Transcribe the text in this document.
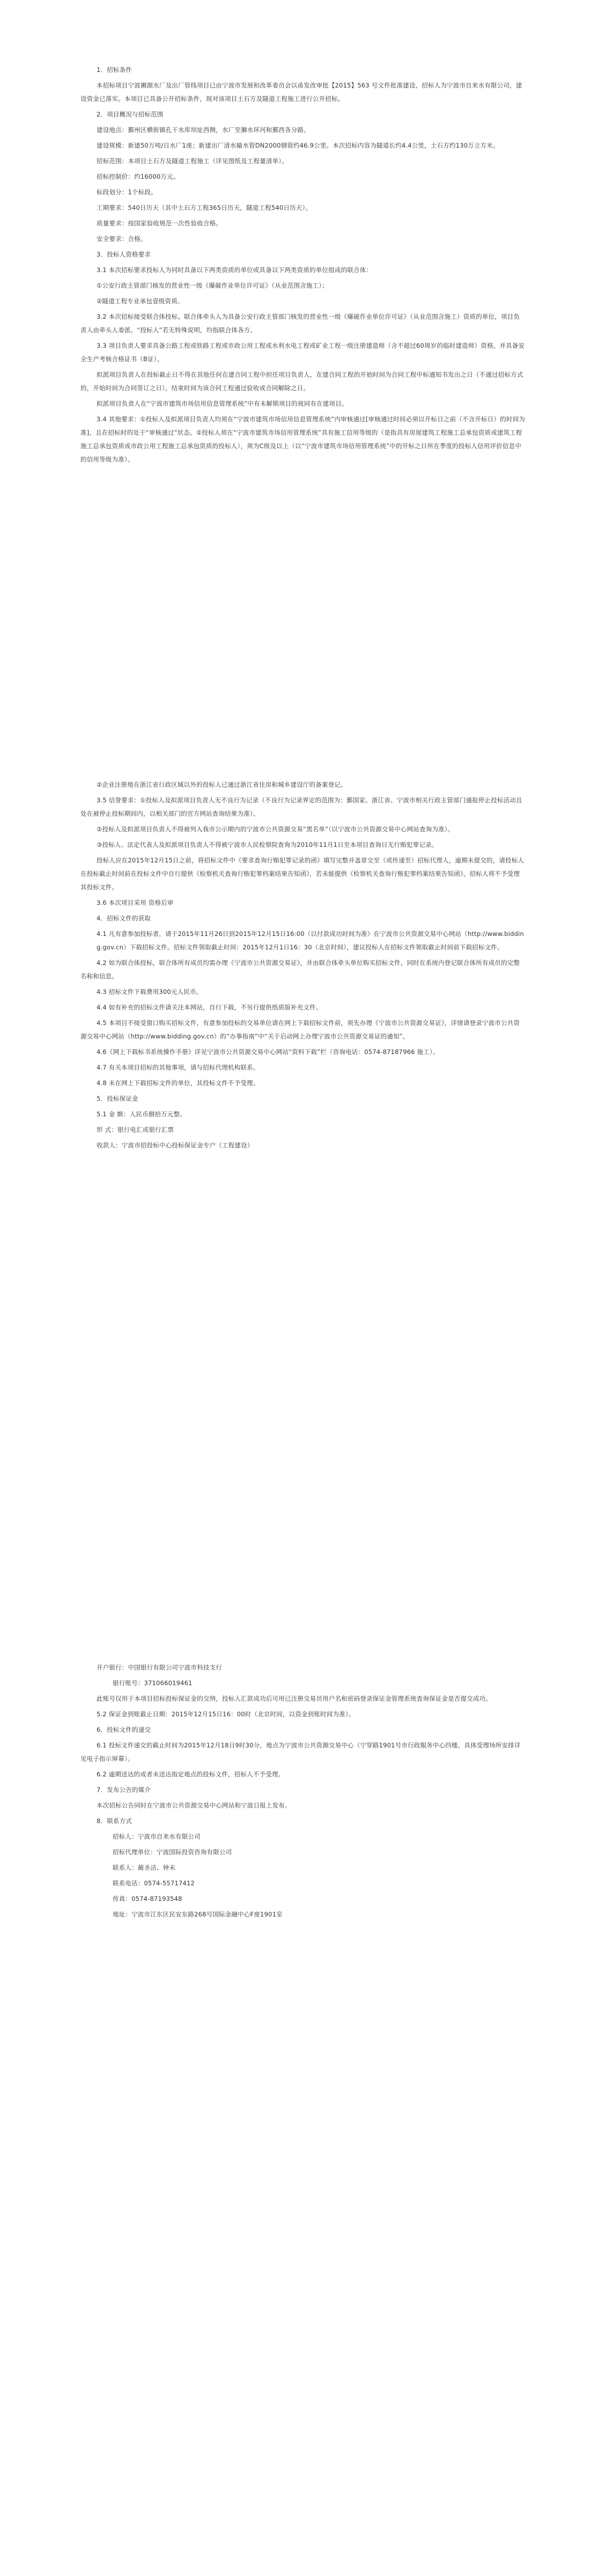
1．招标条件

本招标项目宁波狮源水厂及出厂管线项目已由宁波市发展和改革委员会以甬发改审批【2015】563 号文件批准建设，招标人为宁波市自来水有限公司，建设资金已落实。本项目已具备公开招标条件，现对该项目土石方及隧道工程施工进行公开招标。

2．项目概况与招标范围

建设地点：鄞州区横街镇孔干水库坝址西侧，水厂至狮水环河和鄞西各分路。

建设规模：新建50万吨/日水厂1座；新建出厂清水输水管DN2000钢管约46.9公里。本次招标内容为隧道长约4.4公里，土石方约130万立方米。

招标范围：本项目土石方及隧道工程施工（详见图纸及工程量清单）。

招标控制价：约16000万元。

标段划分：1个标段。

工期要求：540日历天（其中土石方工程365日历天，隧道工程540日历天）。

质量要求：按国家验收规范一次性验收合格。

安全要求：合格。

3．投标人资格要求

3.1 本次招标要求投标人为同时具备以下两类资质的单位或具备以下两类资质的单位组成的联合体：

①公安行政主管部门核发的营业性一级《爆破作业单位许可证》（从业范围含施工）；

②隧道工程专业承包壹级资质。

3.2 本次招标接受联合体投标。联合体牵头人为具备公安行政主管部门核发的营业性一级《爆破作业单位许可证》（从业范围含施工）资质的单位，项目负责人由牵头人委派。“投标人”若无特殊说明，均指联合体各方。

3.3 项目负责人要求具备公路工程或铁路工程或市政公用工程或水利水电工程或矿业工程一级注册建造师（含不超过60周岁的临时建造师）资格，并具备安全生产考核合格证书（B证）。

拟派项目负责人在投标截止日不得在其他任何在建合同工程中担任项目负责人，在建合同工程的开始时间为合同工程中标通知书发出之日（不通过招标方式的，开始时间为合同签订之日），结束时间为该合同工程通过验收或合同解除之日。

拟派项目负责人在“宁波市建筑市场信用信息管理系统”中有未解锁项目的视同有在建项目。

3.4 其他要求：①投标人及拟派项目负责人均须在“宁波市建筑市场信用信息管理系统”内审核通过[审核通过时间必须以开标日之前（不含开标日）的时间为准]，且在招标时的处于“审核通过”状态。②投标人须在“宁波市建筑市场信用管理系统”具有施工信用等级的（是指具有房屋建筑工程施工总承包资质或建筑工程施工总承包资质或市政公用工程施工总承包资质的投标人），须为C级及以上（以“宁波市建筑市场信用管理系统”中的开标之日所在季度的投标人信用评价信息中的信用等级为准）。

②企业注册地在浙江省行政区域以外的投标人已通过浙江省住房和城乡建设厅的备案登记。

3.5 信誉要求：①投标人及拟派项目负责人无不良行为记录（不良行为记录界定的范围为：鄞国家、浙江省、宁波市相关行政主管部门通报停止投标活动且处在被停止投标期间内，以相关部门的官方网站查询结果为准）。

②投标人及拟派项目负责人不得被列入我市公示期内的宁波市公共资源交易“黑名单”（以宁波市公共资源交易中心网站查询为准）。

③投标人、法定代表人及拟派项目负责人不得被宁波市人民检察院查询为2010年11月1日至本项目查询日无行贿犯罪记录。

投标人应在2015年12月15日之前，将招标文件中《要求查询行贿犯罪记录的函》填写完整并盖章交至（或传递至）招标代理人，逾期未提交的，请投标人在投标截止时间前在投标文件中自行提供《检察机关查询行贿犯罪档案结果告知函》，若未能提供《检察机关查询行贿犯罪档案结果告知函》，招标人将不予受理其投标文件。

3.6 本次项目采用 资格后审

4．招标文件的获取

4.1 凡有意参加投标者，请于2015年11月26日到2015年12月15日16:00（以付款成功时间为准）在宁波市公共资源交易中心网站（http://www.bidding.gov.cn）下载招标文件。招标文件领取截止时间：2015年12月1日16：30（北京时间），建议投标人在招标文件领取截止时间前下载招标文件。

4.2 如为联合体投标，联合体所有成员均需办理《宁波市公共资源交易证》，并由联合体牵头单位购买招标文件，同时在系统内登记联合体所有成员的完整名称和信息。

4.3 招标文件下载费用300元人民币。

4.4 如有补充的招标文件请关注本网站，自行下载，不另行提供纸质版补充文件。

4.5 本项目不接受窗口购买招标文件，有意参加投标的交易单位请在网上下载招标文件前，须先办理《宁波市公共资源交易证》，详情请登录宁波市公共资源交易中心网站（http://www.bidding.gov.cn）的“办事指南”中“关于启动网上办理宁波市公共资源交易证的通知”。

4.6《网上下载标书系统操作手册》详见宁波市公共资源交易中心网站“资料下载”栏（咨询电话：0574-87187966 施工）。

4.7 有关本项目招标的其他事项，请与招标代理机构联系。

4.8 未在网上下载招标文件的单位，其投标文件不予受理。

5．投标保证金

5.1 金 额：人民币捌拾万元整。

形 式：银行电汇或银行汇票

收款人：宁波市招投标中心投标保证金专户（工程建设）

开户银行：中国银行有限公司宁波市科技支行

银行账号：371066019461

此账号仅用于本项目招标投标保证金的交纳，投标人汇款成功后可用已注册交易员用户名和密码登录保证金管理系统查询保证金是否提交成功。

5.2 保证金到账截止日期：2015年12月15日16：00时（北京时间，以资金到账时间为准）。

6．投标文件的递交

6.1 投标文件递交的截止时间为2015年12月18日9时30分，地点为宁波市公共资源交易中心（宁穿路1901号市行政服务中心四楼，具体受理场所安排详见电子指示屏幕）。

6.2 逾期送达的或者未送达指定地点的投标文件，招标人不予受理。

7．发布公告的媒介

本次招标公告同时在宁波市公共资源交易中心网站和宁波日报上发布。

8．联系方式

招标人：宁波市自来水有限公司

招标代理单位：宁波国际投资咨询有限公司

联系人：蔺圣洁、钟未

联系电话：0574-55717412

传真：0574-87193548

地址：宁波市江东区民安东路268号国际金融中心F座1901室
